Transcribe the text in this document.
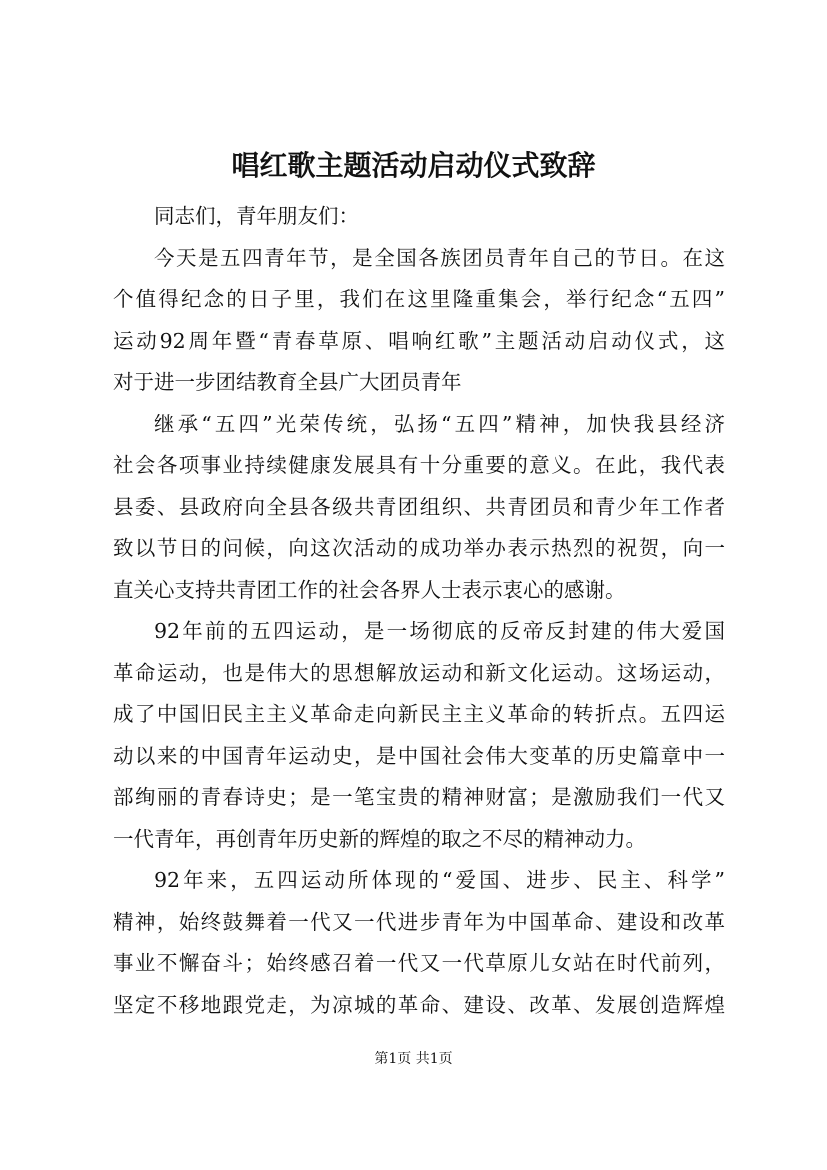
唱红歌主题活动启动仪式致辞
同志们，青年朋友们：
今天是五四青年节，是全国各族团员青年自己的节日。在这
个值得纪念的日子里，我们在这里隆重集会，举行纪念“五四”
运动92周年暨“青春草原、唱响红歌”主题活动启动仪式，这
对于进一步团结教育全县广大团员青年
继承“五四”光荣传统，弘扬“五四”精神，加快我县经济
社会各项事业持续健康发展具有十分重要的意义。在此，我代表
县委、县政府向全县各级共青团组织、共青团员和青少年工作者
致以节日的问候，向这次活动的成功举办表示热烈的祝贺，向一
直关心支持共青团工作的社会各界人士表示衷心的感谢。
92年前的五四运动，是一场彻底的反帝反封建的伟大爱国
革命运动，也是伟大的思想解放运动和新文化运动。这场运动，
成了中国旧民主主义革命走向新民主主义革命的转折点。五四运
动以来的中国青年运动史，是中国社会伟大变革的历史篇章中一
部绚丽的青春诗史；是一笔宝贵的精神财富；是激励我们一代又
一代青年，再创青年历史新的辉煌的取之不尽的精神动力。
92年来，五四运动所体现的“爱国、进步、民主、科学”
精神，始终鼓舞着一代又一代进步青年为中国革命、建设和改革
事业不懈奋斗；始终感召着一代又一代草原儿女站在时代前列，
坚定不移地跟党走，为凉城的革命、建设、改革、发展创造辉煌
第1页 共1页
